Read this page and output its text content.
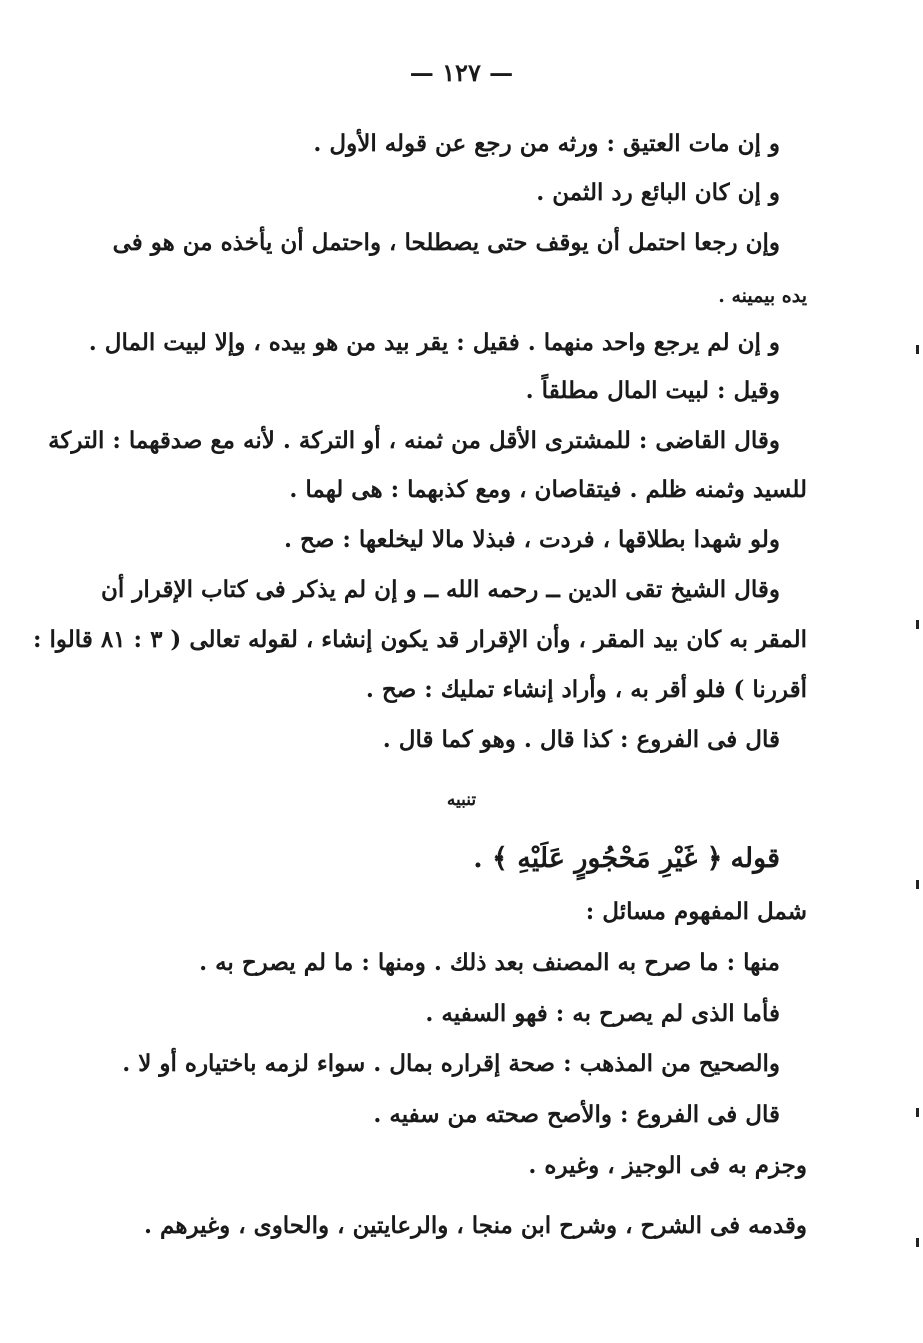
— ١٢٧ —
و إن مات العتيق : ورثه من رجع عن قوله الأول .
و إن كان البائع رد الثمن .
وإن رجعا احتمل أن يوقف حتى يصطلحا ، واحتمل أن يأخذه من هو فى
يده بيمينه .
و إن لم يرجع واحد منهما . فقيل : يقر بيد من هو بيده ، وإلا لبيت المال .
وقيل : لبيت المال مطلقاً .
وقال القاضى : للمشترى الأقل من ثمنه ، أو التركة . لأنه مع صدقهما : التركة
للسيد وثمنه ظلم . فيتقاصان ، ومع كذبهما : هى لهما .
ولو شهدا بطلاقها ، فردت ، فبذلا مالا ليخلعها : صح .
وقال الشيخ تقى الدين ــ رحمه الله ــ و إن لم يذكر فى كتاب الإقرار أن
المقر به كان بيد المقر ، وأن الإقرار قد يكون إنشاء ، لقوله تعالى ( ٣ : ٨١ قالوا :
أقررنا ) فلو أقر به ، وأراد إنشاء تمليك : صح .
قال فى الفروع : كذا قال . وهو كما قال .
تنبيه
قوله ﴿ غَيْرِ مَحْجُورٍ عَلَيْهِ ﴾ .
شمل المفهوم مسائل :
منها : ما صرح به المصنف بعد ذلك . ومنها : ما لم يصرح به .
فأما الذى لم يصرح به : فهو السفيه .
والصحيح من المذهب : صحة إقراره بمال . سواء لزمه باختياره أو لا .
قال فى الفروع : والأصح صحته من سفيه .
وجزم به فى الوجيز ، وغيره .
وقدمه فى الشرح ، وشرح ابن منجا ، والرعايتين ، والحاوى ، وغيرهم .
